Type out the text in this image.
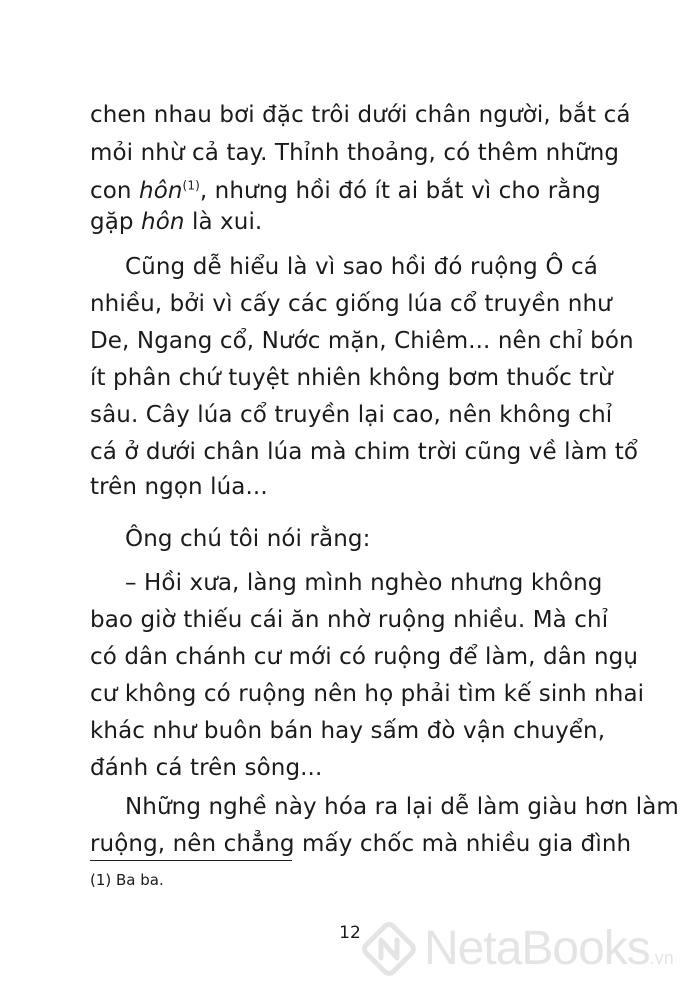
chen nhau bơi đặc trôi dưới chân người, bắt cá
mỏi nhừ cả tay. Thỉnh thoảng, có thêm những
con hôn$^{(1)}$, nhưng hồi đó ít ai bắt vì cho rằng
gặp hôn là xui.
Cũng dễ hiểu là vì sao hồi đó ruộng Ô cá
nhiều, bởi vì cấy các giống lúa cổ truyền như
De, Ngang cổ, Nước mặn, Chiêm... nên chỉ bón
ít phân chứ tuyệt nhiên không bơm thuốc trừ
sâu. Cây lúa cổ truyền lại cao, nên không chỉ
cá ở dưới chân lúa mà chim trời cũng về làm tổ
trên ngọn lúa...
Ông chú tôi nói rằng:
– Hồi xưa, làng mình nghèo nhưng không
bao giờ thiếu cái ăn nhờ ruộng nhiều. Mà chỉ
có dân chánh cư mới có ruộng để làm, dân ngụ
cư không có ruộng nên họ phải tìm kế sinh nhai
khác như buôn bán hay sấm đò vận chuyển,
đánh cá trên sông...
Những nghề này hóa ra lại dễ làm giàu hơn làm
ruộng, nên chẳng mấy chốc mà nhiều gia đình
(1) Ba ba.
12	NetaBooks.vn
